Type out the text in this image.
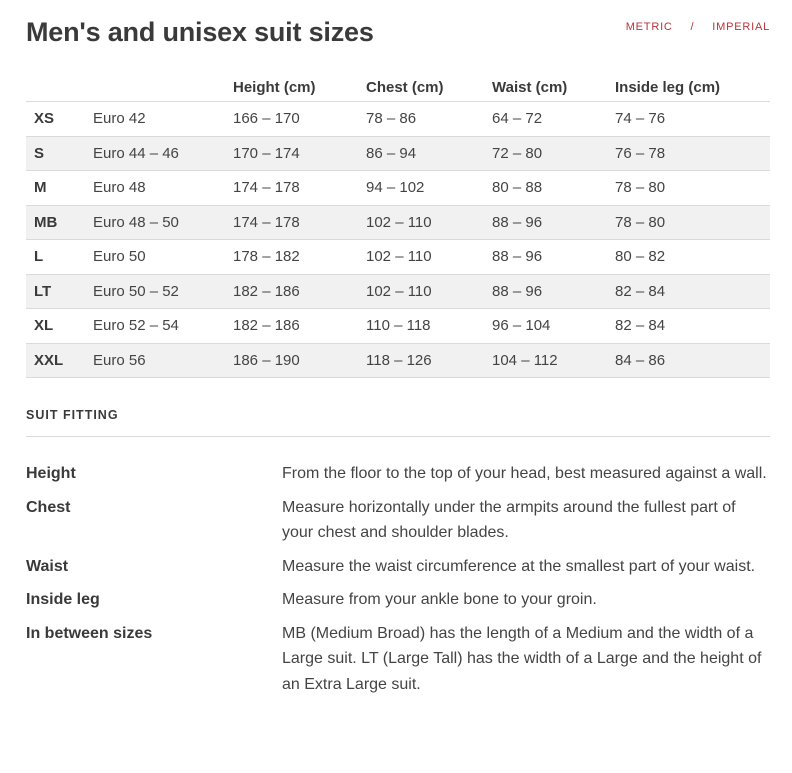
Men's and unisex suit sizes	METRIC / IMPERIAL
		Height (cm)	Chest (cm)	Waist (cm)	Inside leg (cm)
XS	Euro 42	166 – 170	78 – 86	64 – 72	74 – 76
S	Euro 44 – 46	170 – 174	86 – 94	72 – 80	76 – 78
M	Euro 48	174 – 178	94 – 102	80 – 88	78 – 80
MB	Euro 48 – 50	174 – 178	102 – 110	88 – 96	78 – 80
L	Euro 50	178 – 182	102 – 110	88 – 96	80 – 82
LT	Euro 50 – 52	182 – 186	102 – 110	88 – 96	82 – 84
XL	Euro 52 – 54	182 – 186	110 – 118	96 – 104	82 – 84
XXL	Euro 56	186 – 190	118 – 126	104 – 112	84 – 86
SUIT FITTING
Height	From the floor to the top of your head, best measured against a wall.
Chest	Measure horizontally under the armpits around the fullest part of your chest and shoulder blades.
Waist	Measure the waist circumference at the smallest part of your waist.
Inside leg	Measure from your ankle bone to your groin.
In between sizes	MB (Medium Broad) has the length of a Medium and the width of a Large suit. LT (Large Tall) has the width of a Large and the height of an Extra Large suit.
